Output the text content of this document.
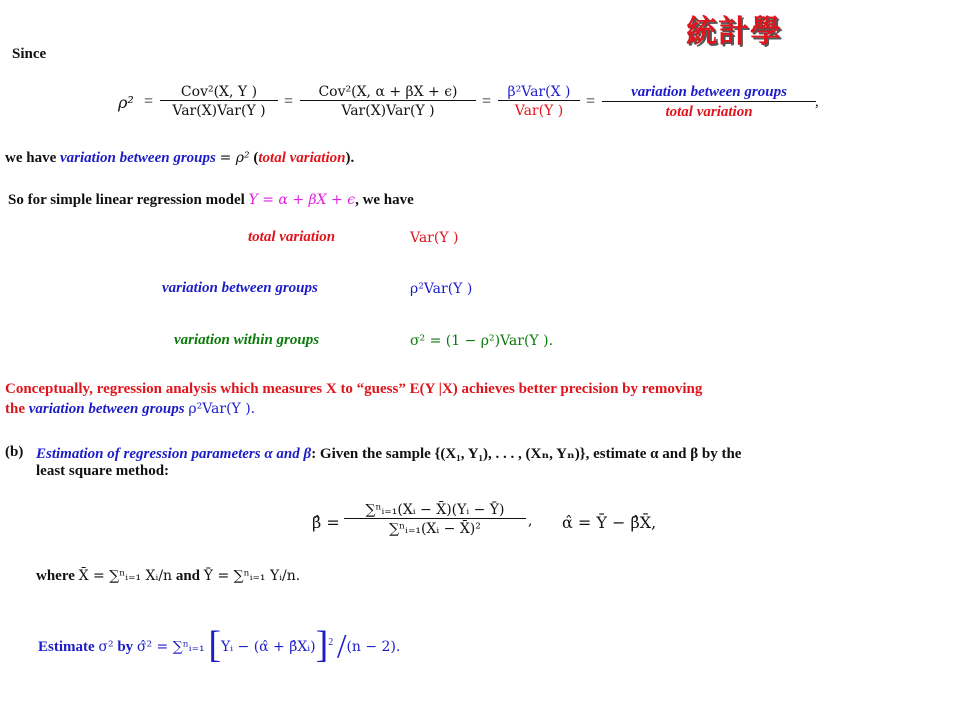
統計學
Since
ρ² =
Cov²(X, Y )
Var(X)Var(Y )
=
Cov²(X, α + βX + ϵ)
Var(X)Var(Y )
=
β²Var(X )
Var(Y )
=
variation between groups
total variation
,
we have variation between groups = ρ² (total variation).
So for simple linear regression model Y = α + βX + ϵ, we have
total variation	Var(Y )
variation between groups	ρ²Var(Y )
variation within groups	σ² = (1 − ρ²)Var(Y ).
Conceptually, regression analysis which measures X to “guess” E(Y |X) achieves better precision by removing
the variation between groups ρ²Var(Y ).
(b) Estimation of regression parameters α and β: Given the sample {(X₁, Y₁), . . . , (Xₙ, Yₙ)}, estimate α and β by the
least square method:
β̂ = $\frac{\text{∑ⁿᵢ₌₁(Xᵢ − X̄)(Yᵢ − Ȳ)}}{\text{∑ⁿᵢ₌₁(Xᵢ − X̄)²}}$ , α̂ = Ȳ − β̂X̄,
where X̄ = ∑ⁿᵢ₌₁ Xᵢ/n and Ȳ = ∑ⁿᵢ₌₁ Yᵢ/n.
Estimate σ² by σ̂² = ∑ⁿᵢ₌₁ [Yᵢ − (α̂ + β̂Xᵢ)]$^2$ /(n − 2).
